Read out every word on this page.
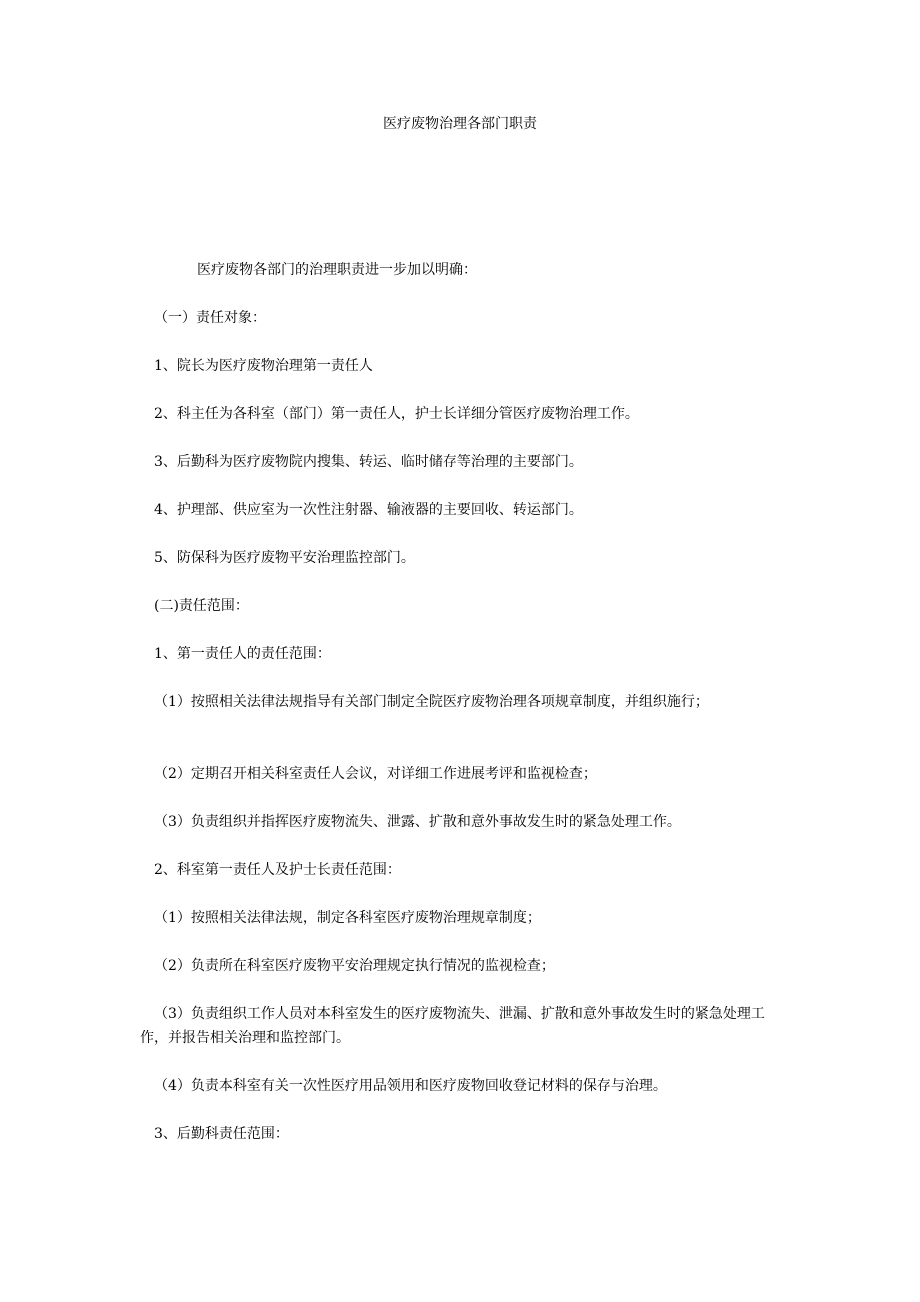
医疗废物治理各部门职责

医疗废物各部门的治理职责进一步加以明确：

（一）责任对象：

1、院长为医疗废物治理第一责任人

2、科主任为各科室（部门）第一责任人，护士长详细分管医疗废物治理工作。

3、后勤科为医疗废物院内搜集、转运、临时储存等治理的主要部门。

4、护理部、供应室为一次性注射器、输液器的主要回收、转运部门。

5、防保科为医疗废物平安治理监控部门。

(二)责任范围：

1、第一责任人的责任范围：

（1）按照相关法律法规指导有关部门制定全院医疗废物治理各项规章制度，并组织施行；

（2）定期召开相关科室责任人会议，对详细工作进展考评和监视检查；

（3）负责组织并指挥医疗废物流失、泄露、扩散和意外事故发生时的紧急处理工作。

2、科室第一责任人及护士长责任范围：

（1）按照相关法律法规，制定各科室医疗废物治理规章制度；

（2）负责所在科室医疗废物平安治理规定执行情况的监视检查；

（3）负责组织工作人员对本科室发生的医疗废物流失、泄漏、扩散和意外事故发生时的紧急处理工作，并报告相关治理和监控部门。

（4）负责本科室有关一次性医疗用品领用和医疗废物回收登记材料的保存与治理。

3、后勤科责任范围：
